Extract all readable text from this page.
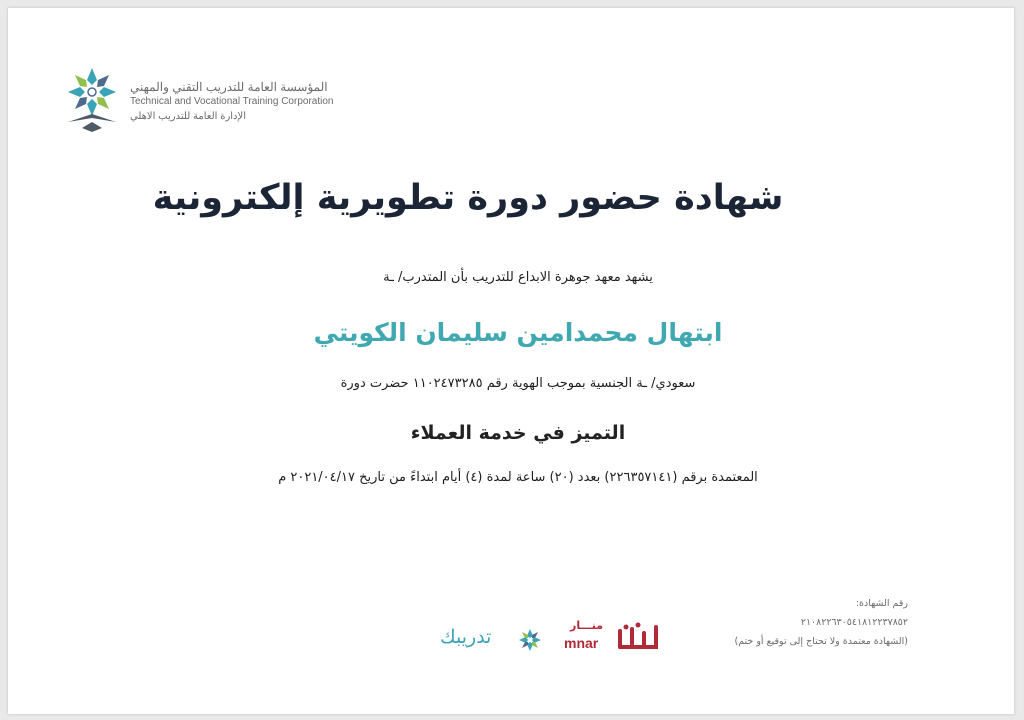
المؤسسة العامة للتدريب التقني والمهني
Technical and Vocational Training Corporation
الإدارة العامة للتدريب الاهلي
شهادة حضور دورة تطويرية إلكترونية
يشهد معهد جوهرة الابداع للتدريب بأن المتدرب/ ـة
ابتهال محمدامين سليمان الكويتي
سعودي/ ـة الجنسية بموجب الهوية رقم ١١٠٢٤٧٣٢٨٥ حضرت دورة
التميز في خدمة العملاء
المعتمدة برقم (٢٢٦٣٥٧١٤١) بعدد (٢٠) ساعة لمدة (٤) أيام ابتداءً من تاريخ ٢٠٢١/٠٤/١٧ م
رقم الشهادة:
٢١٠٨٢٢٦٣٠٥٤١٨١٢٢٣٧٨٥٢
(الشهادة معتمدة ولا تحتاج إلى توقيع أو ختم)
تدريبك
منـــار
mnar
